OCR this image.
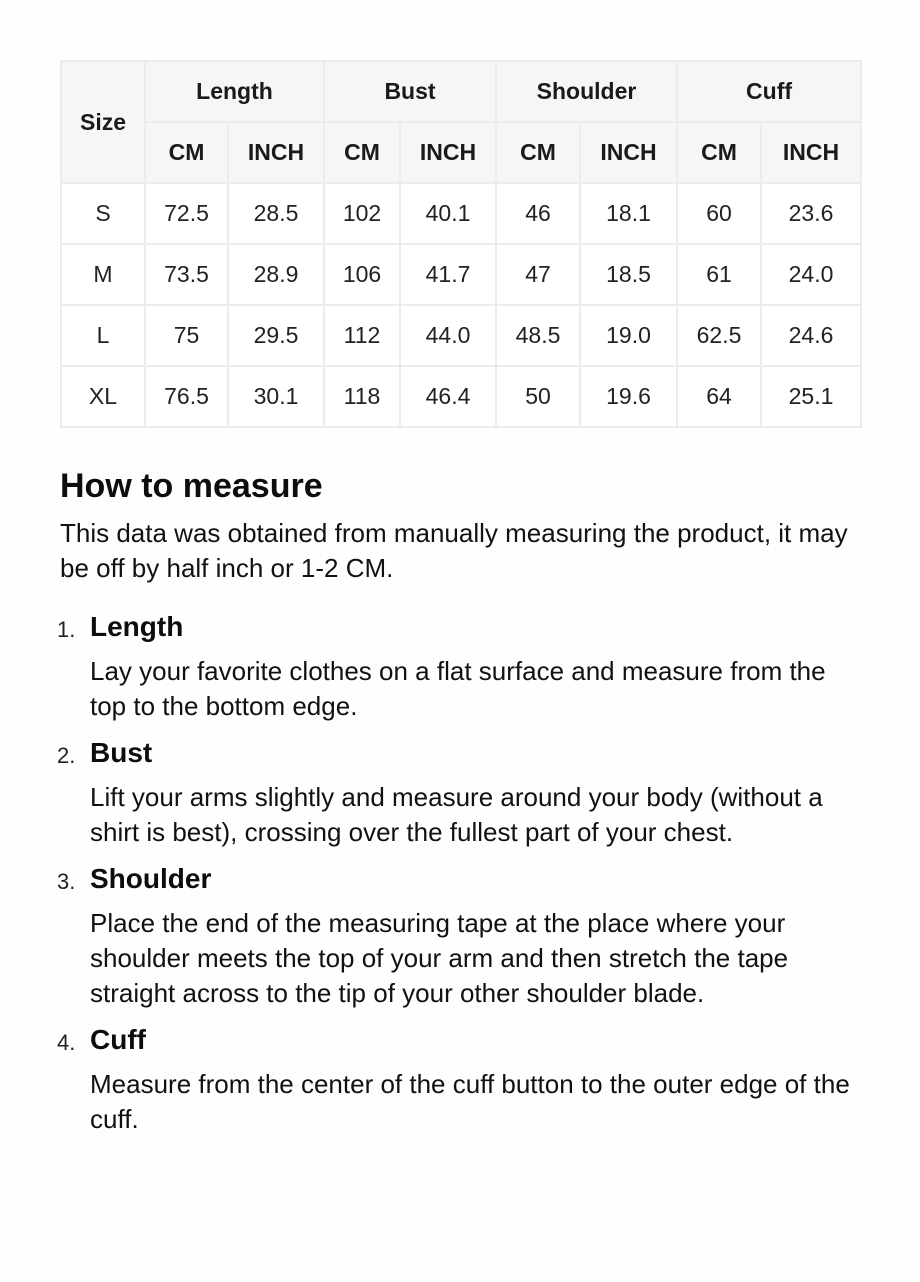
Size	Length		Bust		Shoulder		Cuff	
	CM	INCH	CM	INCH	CM	INCH	CM	INCH
S	72.5	28.5	102	40.1	46	18.1	60	23.6
M	73.5	28.9	106	41.7	47	18.5	61	24.0
L	75	29.5	112	44.0	48.5	19.0	62.5	24.6
XL	76.5	30.1	118	46.4	50	19.6	64	25.1
How to measure

This data was obtained from manually measuring the product, it may be off by half inch or 1-2 CM.

1. Length
Lay your favorite clothes on a flat surface and measure from the top to the bottom edge.
2. Bust
Lift your arms slightly and measure around your body (without a shirt is best), crossing over the fullest part of your chest.
3. Shoulder
Place the end of the measuring tape at the place where your shoulder meets the top of your arm and then stretch the tape straight across to the tip of your other shoulder blade.
4. Cuff
Measure from the center of the cuff button to the outer edge of the cuff.
